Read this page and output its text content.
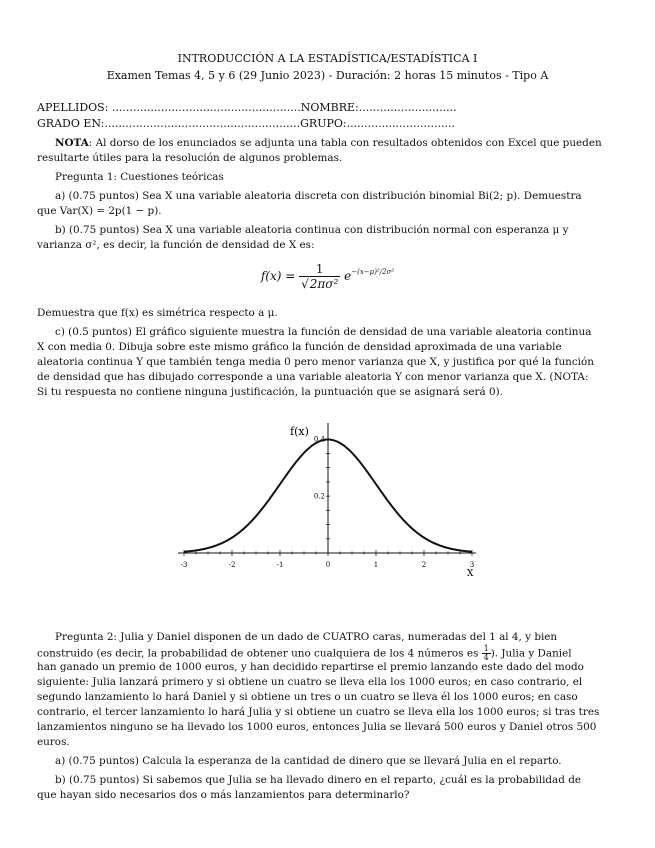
INTRODUCCIÓN A LA ESTADÍSTICA/ESTADÍSTICA I
Examen Temas 4, 5 y 6 (29 Junio 2023) - Duración: 2 horas 15 minutos - Tipo A
APELLIDOS: ......................................................NOMBRE:............................
GRADO EN:........................................................GRUPO:...............................
NOTA: Al dorso de los enunciados se adjunta una tabla con resultados obtenidos con Excel que pueden
resultarte útiles para la resolución de algunos problemas.
Pregunta 1: Cuestiones teóricas
a) (0.75 puntos) Sea X una variable aleatoria discreta con distribución binomial Bi(2; p). Demuestra
que Var(X) = 2p(1 − p).
b) (0.75 puntos) Sea X una variable aleatoria continua con distribución normal con esperanza μ y
varianza σ², es decir, la función de densidad de X es:
$f(x) = \frac{1}{\text{√2πσ²}} e^{-(x-\mu)^2/2\sigma^2}$
Demuestra que f(x) es simétrica respecto a μ.
c) (0.5 puntos) El gráfico siguiente muestra la función de densidad de una variable aleatoria continua
X con media 0. Dibuja sobre este mismo gráfico la función de densidad aproximada de una variable
aleatoria continua Y que también tenga media 0 pero menor varianza que X, y justifica por qué la función
de densidad que has dibujado corresponde a una variable aleatoria Y con menor varianza que X. (NOTA:
Si tu respuesta no contiene ninguna justificación, la puntuación que se asignará será 0).
-3	-2	-1	0	1	2	3
0.2
0.4
f(x)
X
Pregunta 2: Julia y Daniel disponen de un dado de CUATRO caras, numeradas del 1 al 4, y bien
construido (es decir, la probabilidad de obtener uno cualquiera de los 4 números es $\frac{1}{4}$ ). Julia y Daniel
han ganado un premio de 1000 euros, y han decidido repartirse el premio lanzando este dado del modo
siguiente: Julia lanzará primero y si obtiene un cuatro se lleva ella los 1000 euros; en caso contrario, el
segundo lanzamiento lo hará Daniel y si obtiene un tres o un cuatro se lleva él los 1000 euros; en caso
contrario, el tercer lanzamiento lo hará Julia y si obtiene un cuatro se lleva ella los 1000 euros; si tras tres
lanzamientos ninguno se ha llevado los 1000 euros, entonces Julia se llevará 500 euros y Daniel otros 500
euros.
a) (0.75 puntos) Calcula la esperanza de la cantidad de dinero que se llevará Julia en el reparto.
b) (0.75 puntos) Si sabemos que Julia se ha llevado dinero en el reparto, ¿cuál es la probabilidad de
que hayan sido necesarios dos o más lanzamientos para determinarlo?
